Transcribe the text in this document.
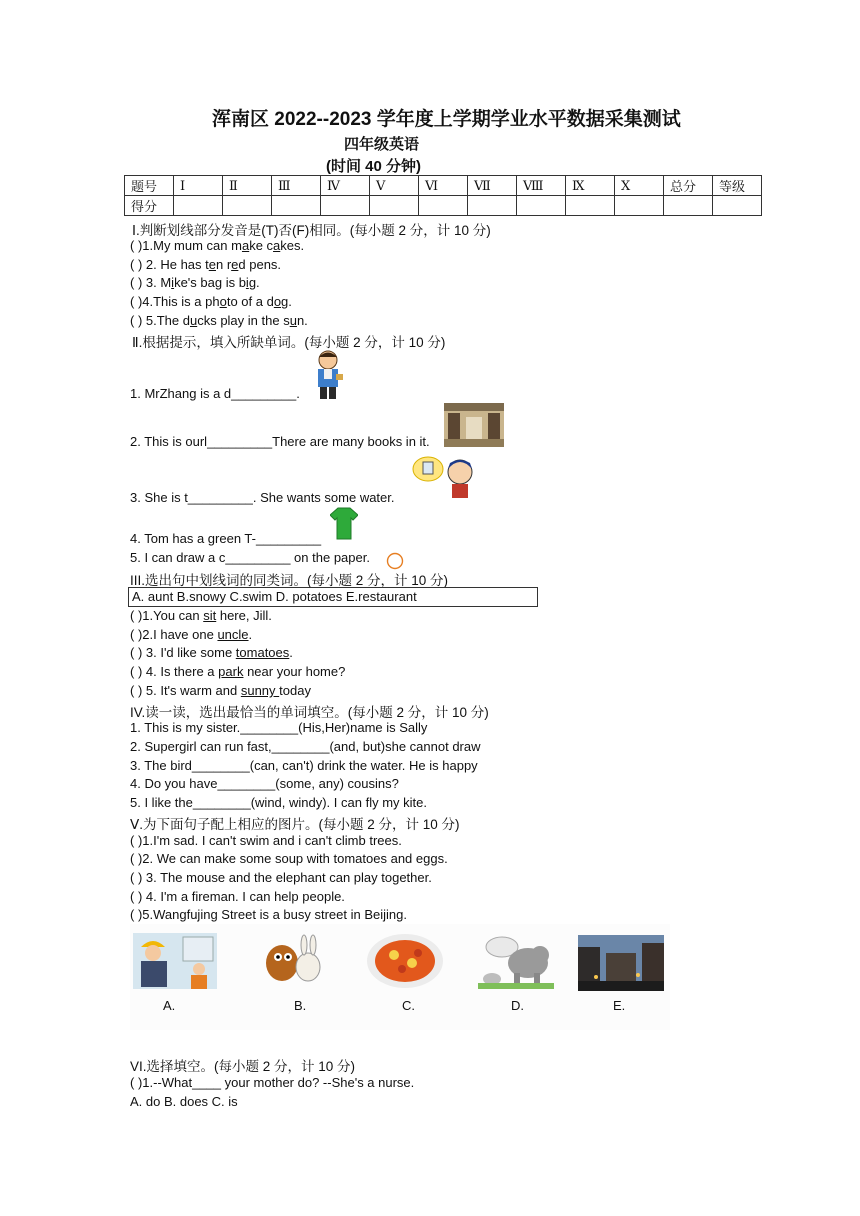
浑南区 2022--2023 学年度上学期学业水平数据采集测试
四年级英语
(时间 40 分钟)
题号	Ⅰ	Ⅱ	Ⅲ	Ⅳ	Ⅴ	Ⅵ	Ⅶ	Ⅷ	Ⅸ	Ⅹ	总分	等级
得分												
Ⅰ.判断划线部分发音是(T)否(F)相同。(每小题 2 分，计 10 分)
( )1.My mum can make cakes.
( ) 2. He has ten red pens.
( ) 3. Mike's bag is big.
( )4.This is a photo of a dog.
( ) 5.The ducks play in the sun.
Ⅱ.根据提示，填入所缺单词。(每小题 2 分，计 10 分)
1. MrZhang is a d_________.
2. This is ourl_________There are many books in it.
3. She is t_________. She wants some water.
4. Tom has a green T-_________
5. I can draw a c_________ on the paper.
III.选出句中划线词的同类词。(每小题 2 分，计 10 分)
A. aunt B.snowy C.swim D. potatoes E.restaurant
( )1.You can sit here, Jill.
( )2.I have one uncle.
( ) 3. I'd like some tomatoes.
( ) 4. Is there a park near your home?
( ) 5. It's warm and sunny today
IV.读一读，选出最恰当的单词填空。(每小题 2 分，计 10 分)
1. This is my sister.________(His,Her)name is Sally
2. Supergirl can run fast,________(and, but)she cannot draw
3. The bird________(can, can't) drink the water. He is happy
4. Do you have________(some, any) cousins?
5. I like the________(wind, windy). I can fly my kite.
Ⅴ.为下面句子配上相应的图片。(每小题 2 分，计 10 分)
( )1.I'm sad. I can't swim and i can't climb trees.
( )2. We can make some soup with tomatoes and eggs.
( ) 3. The mouse and the elephant can play together.
( ) 4. I'm a fireman. I can help people.
( )5.Wangfujing Street is a busy street in Beijing.
A.	B.	C.	D.	E.
VI.选择填空。(每小题 2 分，计 10 分)
( )1.--What____ your mother do? --She's a nurse.
A. do B. does C. is
